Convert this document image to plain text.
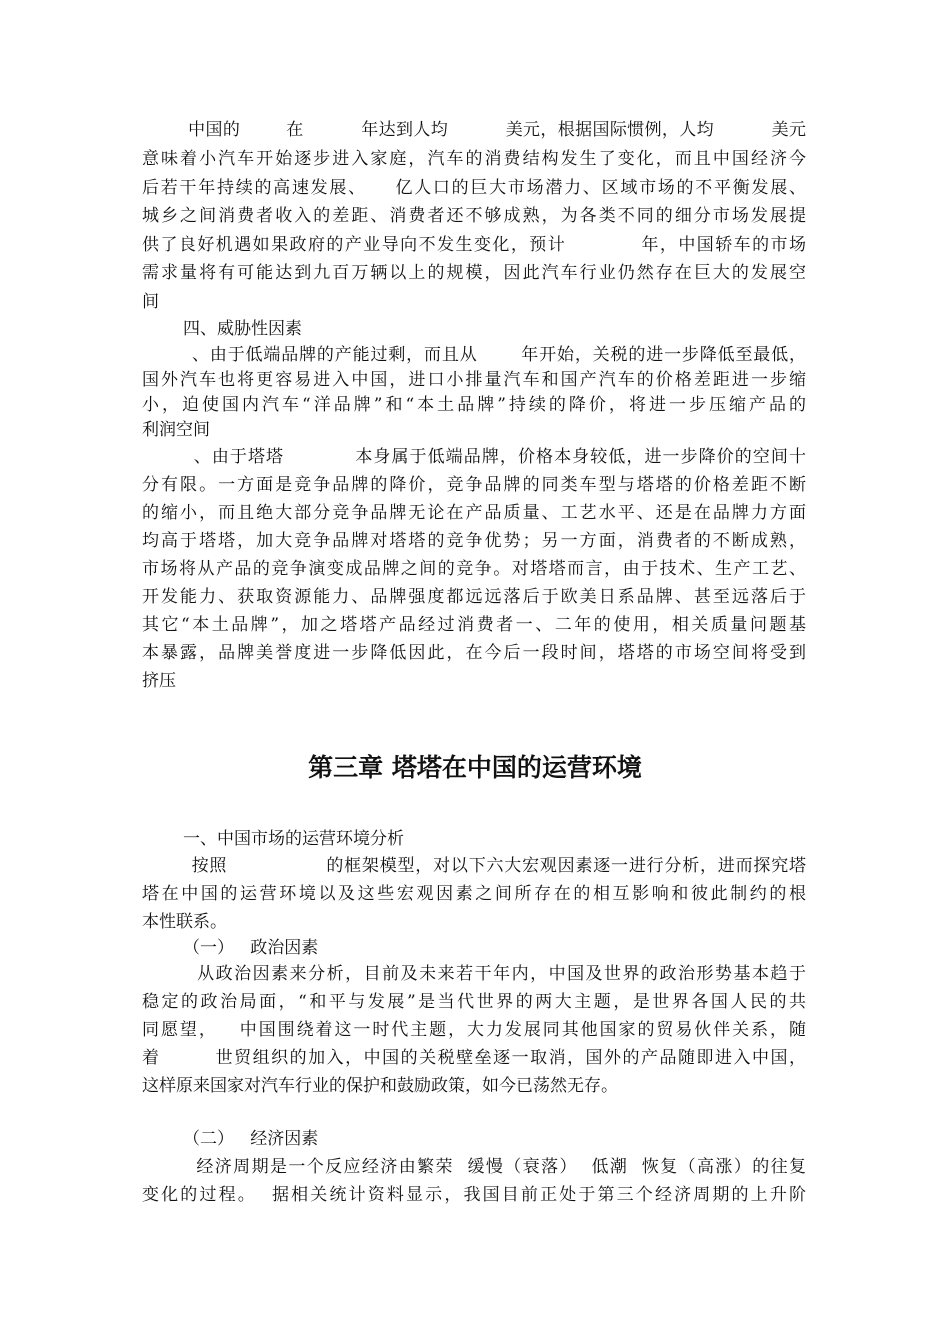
中国的        在          年达到人均          美元，根据国际惯例，人均          美元

意味着小汽车开始逐步进入家庭，汽车的消费结构发生了变化，而且中国经济今

后若干年持续的高速发展、    亿人口的巨大市场潜力、区域市场的不平衡发展、

城乡之间消费者收入的差距、消费者还不够成熟，为各类不同的细分市场发展提

供了良好机遇如果政府的产业导向不发生变化，预计           年，中国轿车的市场

需求量将有可能达到九百万辆以上的规模，因此汽车行业仍然存在巨大的发展空

间

四、威胁性因素

、由于低端品牌的产能过剩，而且从       年开始，关税的进一步降低至最低，

国外汽车也将更容易进入中国，进口小排量汽车和国产汽车的价格差距进一步缩

小，迫使国内汽车“洋品牌”和“本土品牌”持续的降价，将进一步压缩产品的

利润空间

、由于塔塔           本身属于低端品牌，价格本身较低，进一步降价的空间十

分有限。一方面是竞争品牌的降价，竞争品牌的同类车型与塔塔的价格差距不断

的缩小，而且绝大部分竞争品牌无论在产品质量、工艺水平、还是在品牌力方面

均高于塔塔，加大竞争品牌对塔塔的竞争优势；另一方面，消费者的不断成熟，

市场将从产品的竞争演变成品牌之间的竞争。对塔塔而言，由于技术、生产工艺、

开发能力、获取资源能力、品牌强度都远远落后于欧美日系品牌、甚至远落后于

其它“本土品牌”，加之塔塔产品经过消费者一、二年的使用，相关质量问题基

本暴露，品牌美誉度进一步降低因此，在今后一段时间，塔塔的市场空间将受到

挤压

第三章 塔塔在中国的运营环境

一、中国市场的运营环境分析

按照                的框架模型，对以下六大宏观因素逐一进行分析，进而探究塔

塔在中国的运营环境以及这些宏观因素之间所存在的相互影响和彼此制约的根

本性联系。

（一）   政治因素

从政治因素来分析，目前及未来若干年内，中国及世界的政治形势基本趋于

稳定的政治局面，“和平与发展”是当代世界的两大主题，是世界各国人民的共

同愿望，   中国围绕着这一时代主题，大力发展同其他国家的贸易伙伴关系，随

着        世贸组织的加入，中国的关税壁垒逐一取消，国外的产品随即进入中国，

这样原来国家对汽车行业的保护和鼓励政策，如今已荡然无存。

（二）   经济因素

经济周期是一个反应经济由繁荣  缓慢（衰落）  低潮  恢复（高涨）的往复

变化的过程。  据相关统计资料显示，我国目前正处于第三个经济周期的上升阶
